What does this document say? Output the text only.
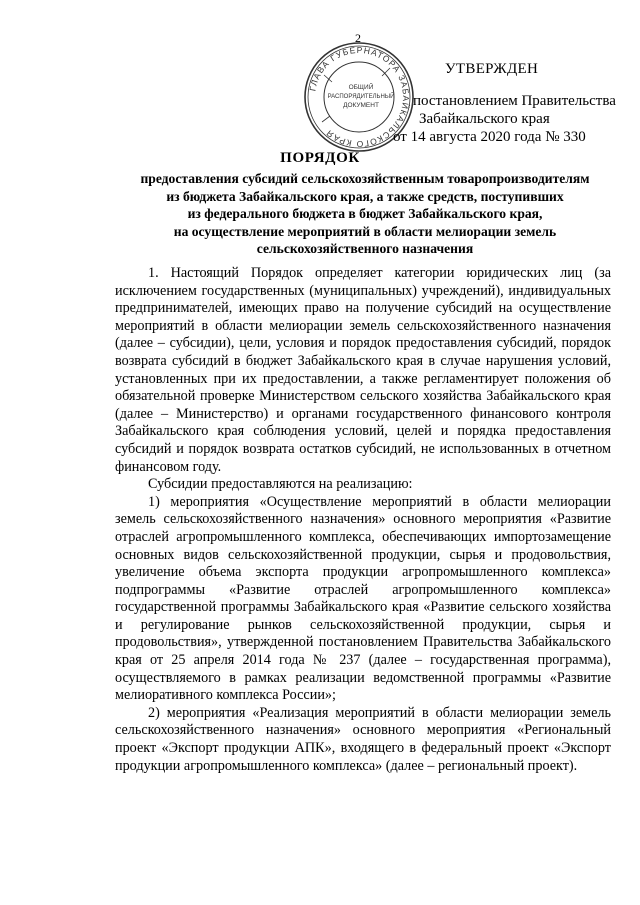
2
ГЛАВА ГУБЕРНАТОРА ЗАБАЙКАЛЬСКОГО КРАЯ
ОБЩИЙ
РАСПОРЯДИТЕЛЬНЫЙ
ДОКУМЕНТ
УТВЕРЖДЕН
постановлением Правительства
Забайкальского края
от 14 августа 2020 года № 330
ПОРЯДОК
предоставления субсидий сельскохозяйственным товаропроизводителям
из бюджета Забайкальского края, а также средств, поступивших
из федерального бюджета в бюджет Забайкальского края,
на осуществление мероприятий в области мелиорации земель
сельскохозяйственного назначения

1. Настоящий Порядок определяет категории юридических лиц (за исключением государственных (муниципальных) учреждений), индивидуальных предпринимателей, имеющих право на получение субсидий на осуществление мероприятий в области мелиорации земель сельскохозяйственного назначения (далее – субсидии), цели, условия и порядок предоставления субсидий, порядок возврата субсидий в бюджет Забайкальского края в случае нарушения условий, установленных при их предоставлении, а также регламентирует положения об обязательной проверке Министерством сельского хозяйства Забайкальского края (далее – Министерство) и органами государственного финансового контроля Забайкальского края соблюдения условий, целей и порядка предоставления субсидий и порядок возврата остатков субсидий, не использованных в отчетном финансовом году.

Субсидии предоставляются на реализацию:

1) мероприятия «Осуществление мероприятий в области мелиорации земель сельскохозяйственного назначения» основного мероприятия «Развитие отраслей агропромышленного комплекса, обеспечивающих импортозамещение основных видов сельскохозяйственной продукции, сырья и продовольствия, увеличение объема экспорта продукции агропромышленного комплекса» подпрограммы «Развитие отраслей агропромышленного комплекса» государственной программы Забайкальского края «Развитие сельского хозяйства и регулирование рынков сельскохозяйственной продукции, сырья и продовольствия», утвержденной постановлением Правительства Забайкальского края от 25 апреля 2014 года № 237 (далее – государственная программа), осуществляемого в рамках реализации ведомственной программы «Развитие мелиоративного комплекса России»;

2) мероприятия «Реализация мероприятий в области мелиорации земель сельскохозяйственного назначения» основного мероприятия «Региональный проект «Экспорт продукции АПК», входящего в федеральный проект «Экспорт продукции агропромышленного комплекса» (далее – региональный проект).
